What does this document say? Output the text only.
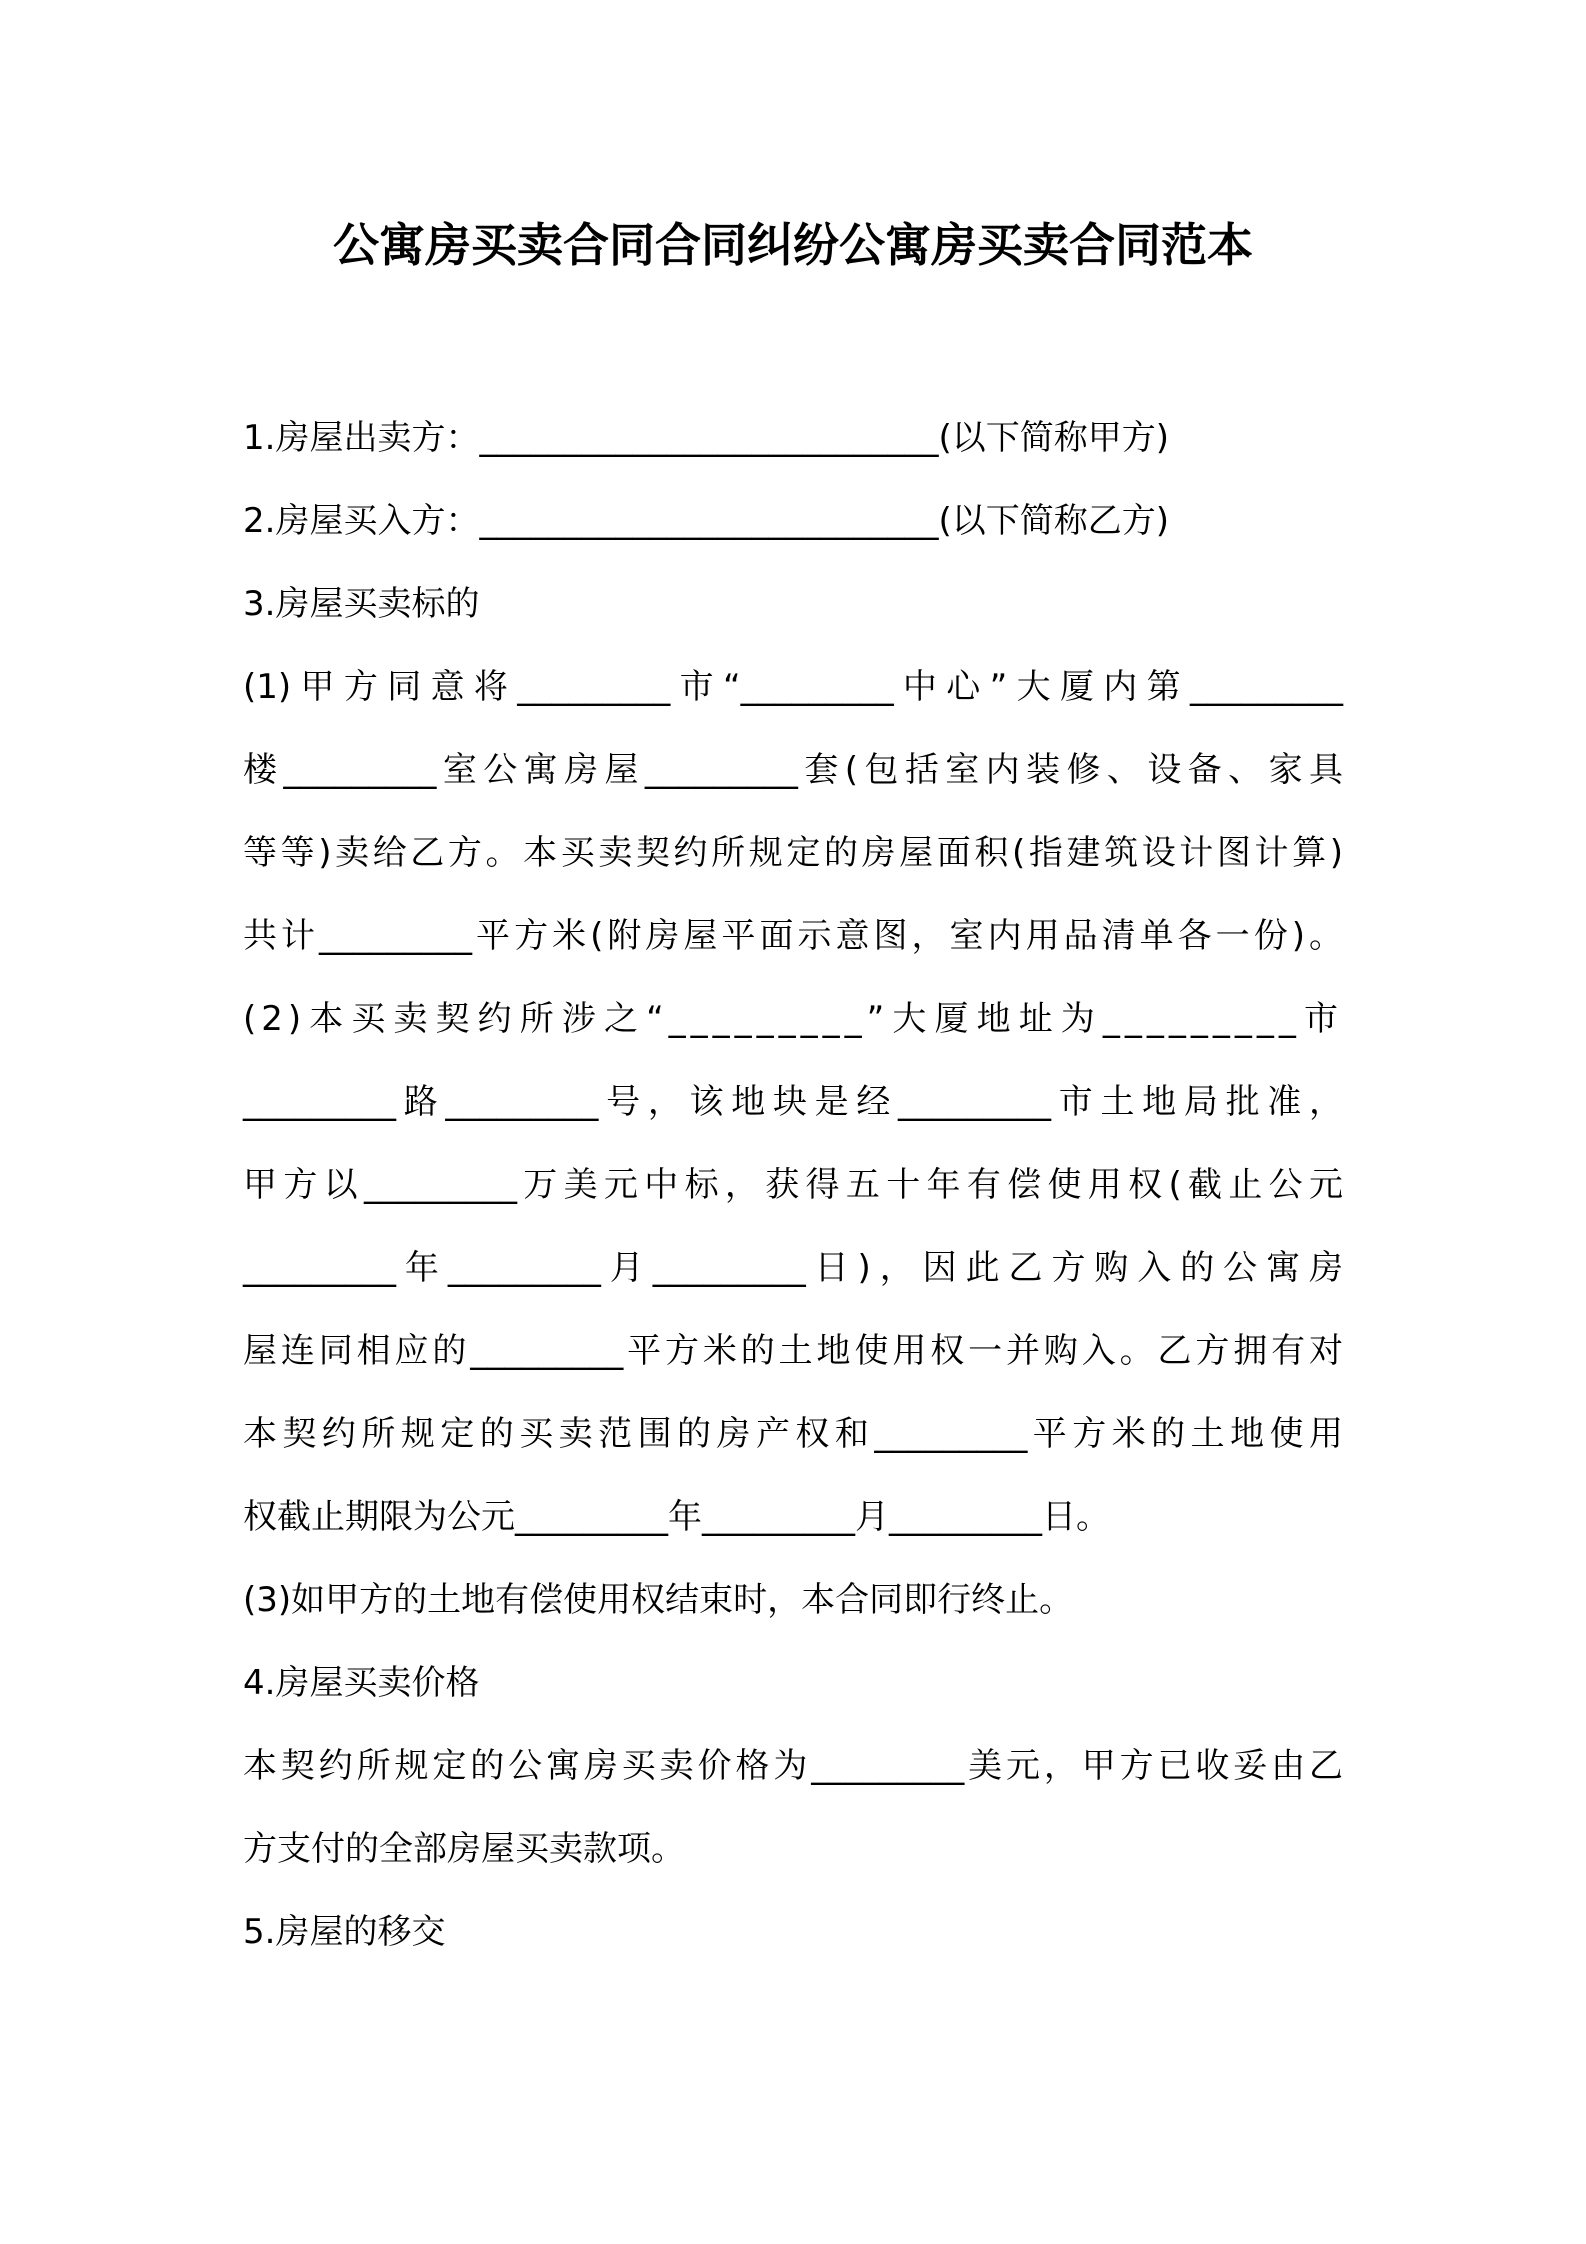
公寓房买卖合同合同纠纷公寓房买卖合同范本
1.房屋出卖方：___________________________(以下简称甲方)
2.房屋买入方：___________________________(以下简称乙方)
3.房屋买卖标的
(1)甲方同意将_________市“_________中心”大厦内第_________
楼_________室公寓房屋_________套(包括室内装修、设备、家具
等等)卖给乙方。本买卖契约所规定的房屋面积(指建筑设计图计算)
共计_________平方米(附房屋平面示意图，室内用品清单各一份)。
(2)本买卖契约所涉之“_________”大厦地址为_________市
_________路_________号，该地块是经_________市土地局批准，
甲方以_________万美元中标，获得五十年有偿使用权(截止公元
_________年_________月_________日)，因此乙方购入的公寓房
屋连同相应的_________平方米的土地使用权一并购入。乙方拥有对
本契约所规定的买卖范围的房产权和_________平方米的土地使用
权截止期限为公元_________年_________月_________日。
(3)如甲方的土地有偿使用权结束时，本合同即行终止。
4.房屋买卖价格
本契约所规定的公寓房买卖价格为_________美元，甲方已收妥由乙
方支付的全部房屋买卖款项。
5.房屋的移交
